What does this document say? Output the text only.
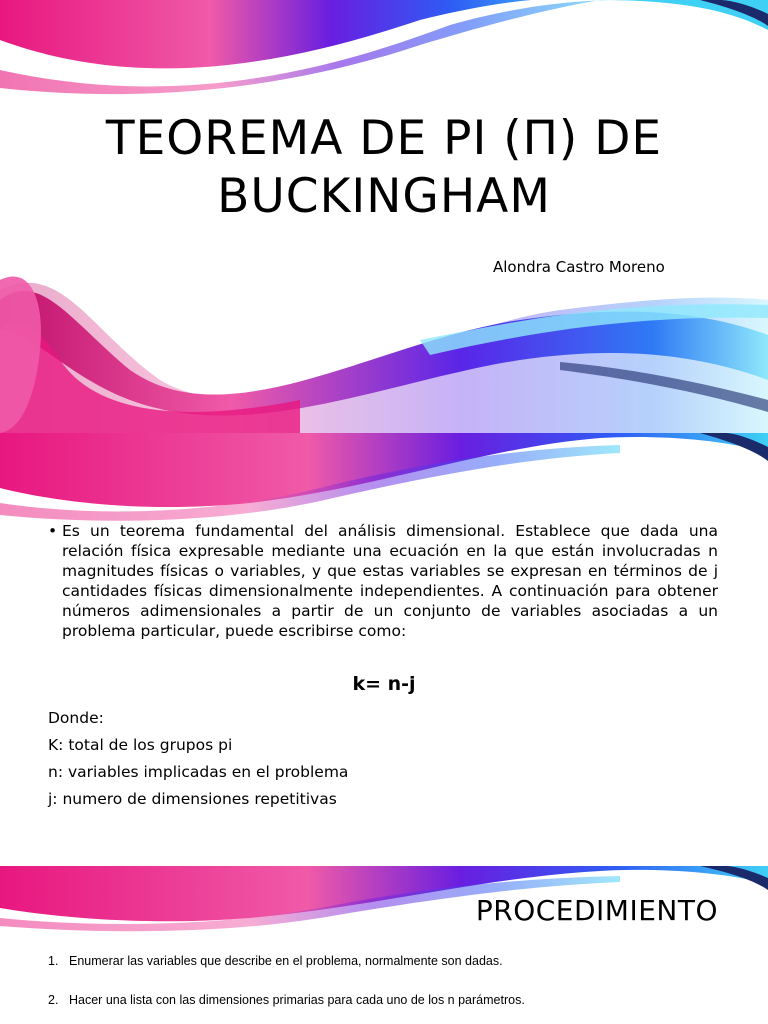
TEOREMA DE PI (Π) DE BUCKINGHAM
Alondra Castro Moreno
• Es un teorema fundamental del análisis dimensional. Establece que dada una relación física expresable mediante una ecuación en la que están involucradas n magnitudes físicas o variables, y que estas variables se expresan en términos de j cantidades físicas dimensionalmente independientes. A continuación para obtener números adimensionales a partir de un conjunto de variables asociadas a un problema particular, puede escribirse como:
k= n-j
Donde:
K: total de los grupos pi
n: variables implicadas en el problema
j: numero de dimensiones repetitivas
PROCEDIMIENTO
1. Enumerar las variables que describe en el problema, normalmente son dadas.
2. Hacer una lista con las dimensiones primarias para cada uno de los n parámetros.
